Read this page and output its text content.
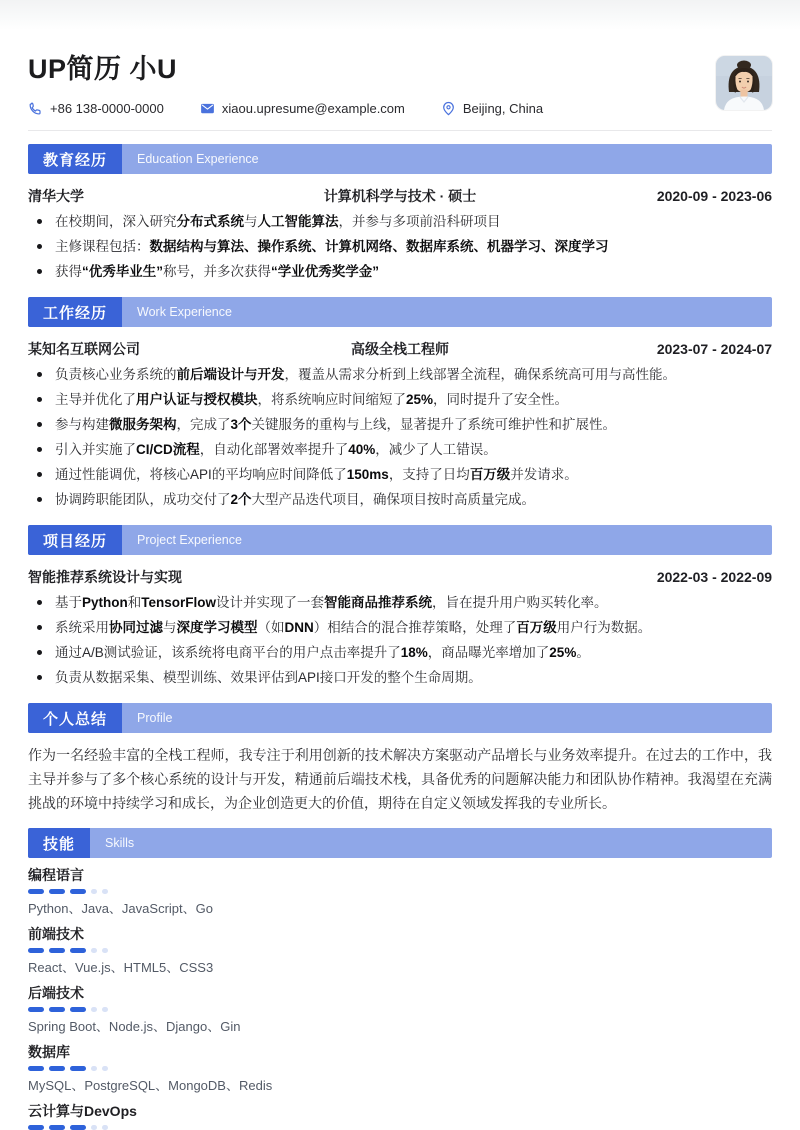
UP简历 小U
+86 138-0000-0000	xiaou.upresume@example.com	Beijing, China
教育经历	Education Experience
清华大学	计算机科学与技术 · 硕士	2020-09 - 2023-06
在校期间，深入研究分布式系统与人工智能算法，并参与多项前沿科研项目
主修课程包括：数据结构与算法、操作系统、计算机网络、数据库系统、机器学习、深度学习
获得“优秀毕业生”称号，并多次获得“学业优秀奖学金”
工作经历	Work Experience
某知名互联网公司	高级全栈工程师	2023-07 - 2024-07
负责核心业务系统的前后端设计与开发，覆盖从需求分析到上线部署全流程，确保系统高可用与高性能。
主导并优化了用户认证与授权模块，将系统响应时间缩短了25%，同时提升了安全性。
参与构建微服务架构，完成了3个关键服务的重构与上线，显著提升了系统可维护性和扩展性。
引入并实施了CI/CD流程，自动化部署效率提升了40%，减少了人工错误。
通过性能调优，将核心API的平均响应时间降低了150ms，支持了日均百万级并发请求。
协调跨职能团队，成功交付了2个大型产品迭代项目，确保项目按时高质量完成。
项目经历	Project Experience
智能推荐系统设计与实现	2022-03 - 2022-09
基于Python和TensorFlow设计并实现了一套智能商品推荐系统，旨在提升用户购买转化率。
系统采用协同过滤与深度学习模型（如DNN）相结合的混合推荐策略，处理了百万级用户行为数据。
通过A/B测试验证，该系统将电商平台的用户点击率提升了18%，商品曝光率增加了25%。
负责从数据采集、模型训练、效果评估到API接口开发的整个生命周期。
个人总结	Profile

作为一名经验丰富的全栈工程师，我专注于利用创新的技术解决方案驱动产品增长与业务效率提升。在过去的工作中，我主导并参与了多个核心系统的设计与开发，精通前后端技术栈，具备优秀的问题解决能力和团队协作精神。我渴望在充满挑战的环境中持续学习和成长，为企业创造更大的价值，期待在自定义领域发挥我的专业所长。

技能	Skills
编程语言
Python、Java、JavaScript、Go
前端技术
React、Vue.js、HTML5、CSS3
后端技术
Spring Boot、Node.js、Django、Gin
数据库
MySQL、PostgreSQL、MongoDB、Redis
云计算与DevOps
